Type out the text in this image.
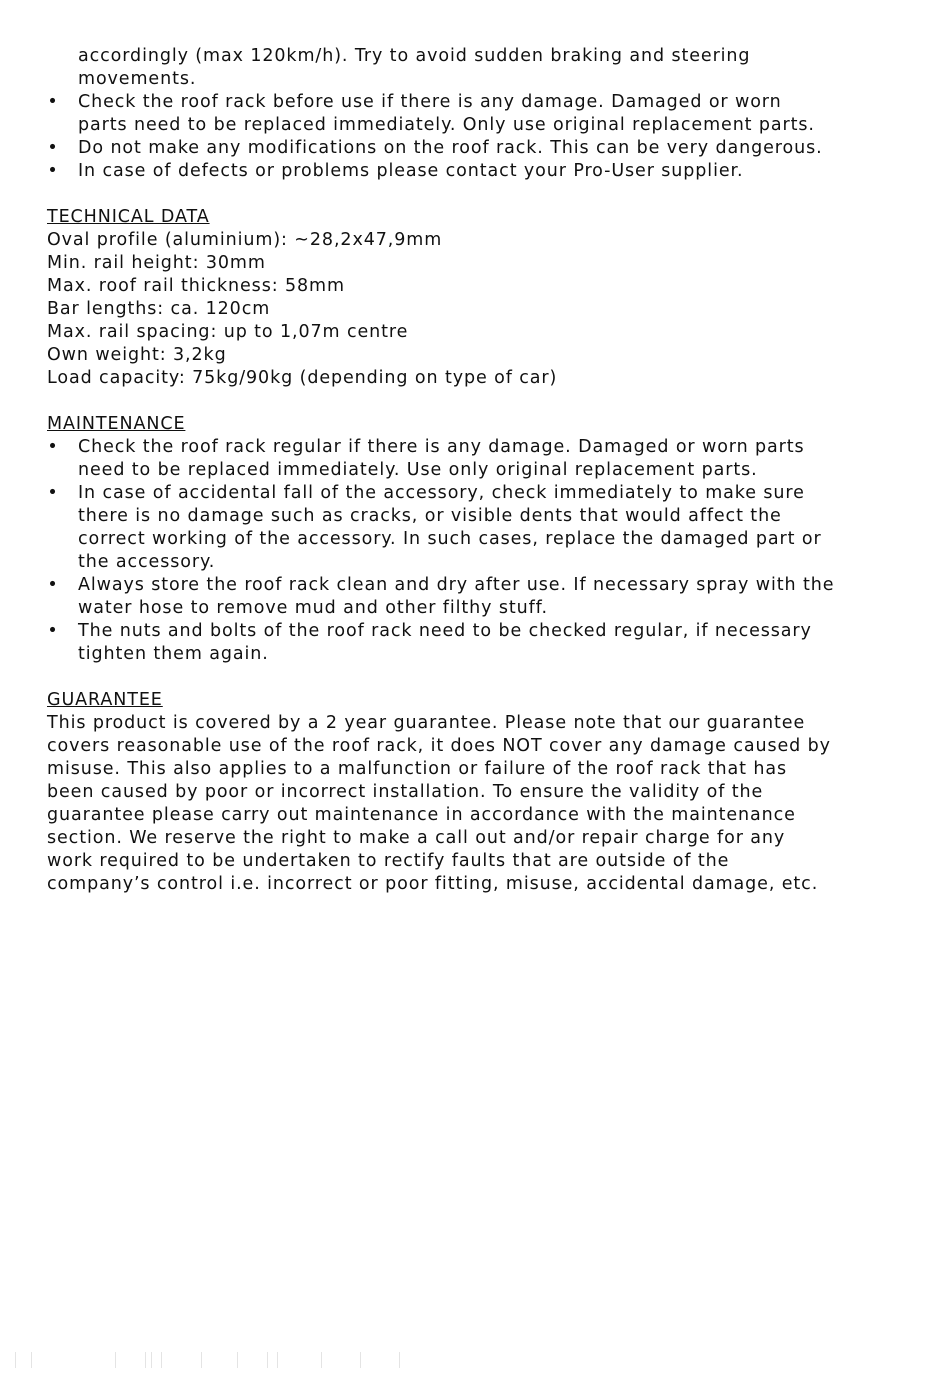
accordingly (max 120km/h). Try to avoid sudden braking and steering
movements.
• Check the roof rack before use if there is any damage. Damaged or worn
parts need to be replaced immediately. Only use original replacement parts.
• Do not make any modifications on the roof rack. This can be very dangerous.
• In case of defects or problems please contact your Pro-User supplier.
TECHNICAL DATA
Oval profile (aluminium): ~28,2x47,9mm
Min. rail height: 30mm
Max. roof rail thickness: 58mm
Bar lengths: ca. 120cm
Max. rail spacing: up to 1,07m centre
Own weight: 3,2kg
Load capacity: 75kg/90kg (depending on type of car)
MAINTENANCE
• Check the roof rack regular if there is any damage. Damaged or worn parts
need to be replaced immediately. Use only original replacement parts.
• In case of accidental fall of the accessory, check immediately to make sure
there is no damage such as cracks, or visible dents that would affect the
correct working of the accessory. In such cases, replace the damaged part or
the accessory.
• Always store the roof rack clean and dry after use. If necessary spray with the
water hose to remove mud and other filthy stuff.
• The nuts and bolts of the roof rack need to be checked regular, if necessary
tighten them again.
GUARANTEE
This product is covered by a 2 year guarantee. Please note that our guarantee
covers reasonable use of the roof rack, it does NOT cover any damage caused by
misuse. This also applies to a malfunction or failure of the roof rack that has
been caused by poor or incorrect installation. To ensure the validity of the
guarantee please carry out maintenance in accordance with the maintenance
section. We reserve the right to make a call out and/or repair charge for any
work required to be undertaken to rectify faults that are outside of the
company’s control i.e. incorrect or poor fitting, misuse, accidental damage, etc.
